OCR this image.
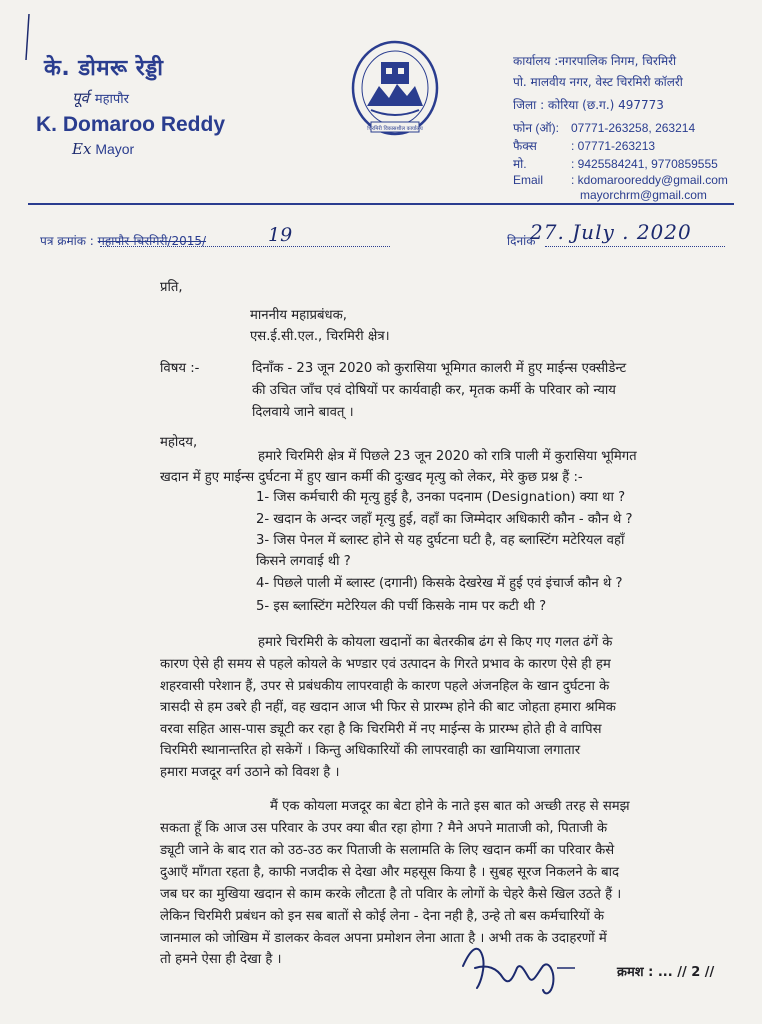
के. डोमरू रेड्डी
पूर्व महापौर
K. Domaroo Reddy
Ex Mayor
चिरमिरी विकासशील कार्यालय
कार्यालय :नगरपालिक निगम, चिरमिरी
पो. मालवीय नगर, वेस्ट चिरमिरी कॉलरी
जिला : कोरिया (छ.ग.) 497773
फोन (ऑ): 07771-263258, 263214
फैक्स	: 07771-263213
मो.	: 9425584241, 9770859555
Email : kdomarooreddy@gmail.com
mayorchrm@gmail.com
पत्र क्रमांक : महापौर-चिरमिरी/2015/	19	दिनांक
27. July . 2020
प्रति,
माननीय महाप्रबंधक,
एस.ई.सी.एल., चिरमिरी क्षेत्र।
विषय :-	दिनाँक - 23 जून 2020 को कुरासिया भूमिगत कालरी में हुए माईन्स एक्सीडेन्ट
की उचित जाँच एवं दोषियों पर कार्यवाही कर, मृतक कर्मी के परिवार को न्याय
दिलवाये जाने बावत् ।
महोदय,
हमारे चिरमिरी क्षेत्र में पिछले 23 जून 2020 को रात्रि पाली में कुरासिया भूमिगत
खदान में हुए माईन्स दुर्घटना में हुए खान कर्मी की दुःखद मृत्यु को लेकर, मेरे कुछ प्रश्न हैं :-
1- जिस कर्मचारी की मृत्यु हुई है, उनका पदनाम (Designation) क्या था ?
2- खदान के अन्दर जहाँ मृत्यु हुई, वहाँ का जिम्मेदार अधिकारी कौन - कौन थे ?
3- जिस पेनल में ब्लास्ट होने से यह दुर्घटना घटी है, वह ब्लास्टिंग मटेरियल वहाँ
किसने लगवाई थी ?
4- पिछले पाली में ब्लास्ट (दगानी) किसके देखरेख में हुई एवं इंचार्ज कौन थे ?
5- इस ब्लास्टिंग मटेरियल की पर्ची किसके नाम पर कटी थी ?
हमारे चिरमिरी के कोयला खदानों का बेतरकीब ढंग से किए गए गलत ढंगें के
कारण ऐसे ही समय से पहले कोयले के भण्डार एवं उत्पादन के गिरते प्रभाव के कारण ऐसे ही हम
शहरवासी परेशान हैं, उपर से प्रबंधकीय लापरवाही के कारण पहले अंजनहिल के खान दुर्घटना के
त्रासदी से हम उबरे ही नहीं, वह खदान आज भी फिर से प्रारम्भ होने की बाट जोहता हमारा श्रमिक
वरवा सहित आस-पास ड्यूटी कर रहा है कि चिरमिरी में नए माईन्स के प्रारम्भ होते ही वे वापिस
चिरमिरी स्थानान्तरित हो सकेगें । किन्तु अधिकारियों की लापरवाही का खामियाजा लगातार
हमारा मजदूर वर्ग उठाने को विवश है ।
मैं एक कोयला मजदूर का बेटा होने के नाते इस बात को अच्छी तरह से समझ
सकता हूँ कि आज उस परिवार के उपर क्या बीत रहा होगा ? मैने अपने माताजी को, पिताजी के
ड्यूटी जाने के बाद रात को उठ-उठ कर पिताजी के सलामति के लिए खदान कर्मी का परिवार कैसे
दुआएँ माँगता रहता है, काफी नजदीक से देखा और महसूस किया है । सुबह सूरज निकलने के बाद
जब घर का मुखिया खदान से काम करके लौटता है तो पविार के लोगों के चेहरे कैसे खिल उठते हैं ।
लेकिन चिरमिरी प्रबंधन को इन सब बातों से कोई लेना - देना नही है, उन्हे तो बस कर्मचारियों के
जानमाल को जोखिम में डालकर केवल अपना प्रमोशन लेना आता है । अभी तक के उदाहरणों में
तो हमने ऐसा ही देखा है ।
क्रमश : ... // 2 //
